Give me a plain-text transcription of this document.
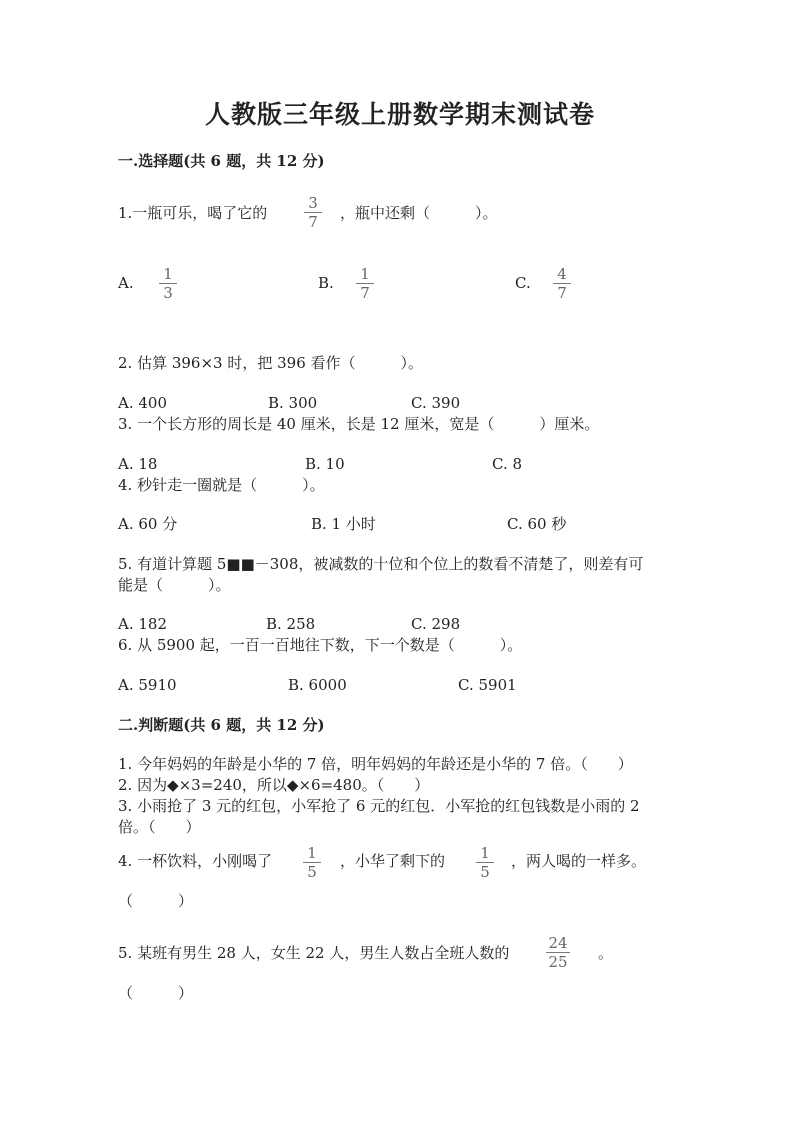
人教版三年级上册数学期末测试卷
一.选择题(共 6 题，共 12 分)
1.一瓶可乐，喝了它的
3
7	，瓶中还剩（　　　）。
A.	1
3
B.	1
7
C.	4
7
2. 估算 396×3 时，把 396 看作（　　　）。
A. 400	B. 300	C. 390
3. 一个长方形的周长是 40 厘米，长是 12 厘米，宽是（　　　）厘米。
A. 18	B. 10	C. 8
4. 秒针走一圈就是（　　　）。
A. 60 分	B. 1 小时	C. 60 秒
5. 有道计算题 5■■－308，被减数的十位和个位上的数看不清楚了，则差有可
能是（　　　）。
A. 182	B. 258	C. 298
6. 从 5900 起，一百一百地往下数，下一个数是（　　　）。
A. 5910	B. 6000	C. 5901
二.判断题(共 6 题，共 12 分)
1. 今年妈妈的年龄是小华的 7 倍，明年妈妈的年龄还是小华的 7 倍。（　　）
2. 因为◆×3=240，所以◆×6=480。（　　）
3. 小雨抢了 3 元的红包，小军抢了 6 元的红包．小军抢的红包钱数是小雨的 2
倍。（　　）
4. 一杯饮料，小刚喝了	1
5
，小华了剩下的	1
5
，两人喝的一样多。
（　　　）
5. 某班有男生 28 人，女生 22 人，男生人数占全班人数的
24
25 。
（　　　）
